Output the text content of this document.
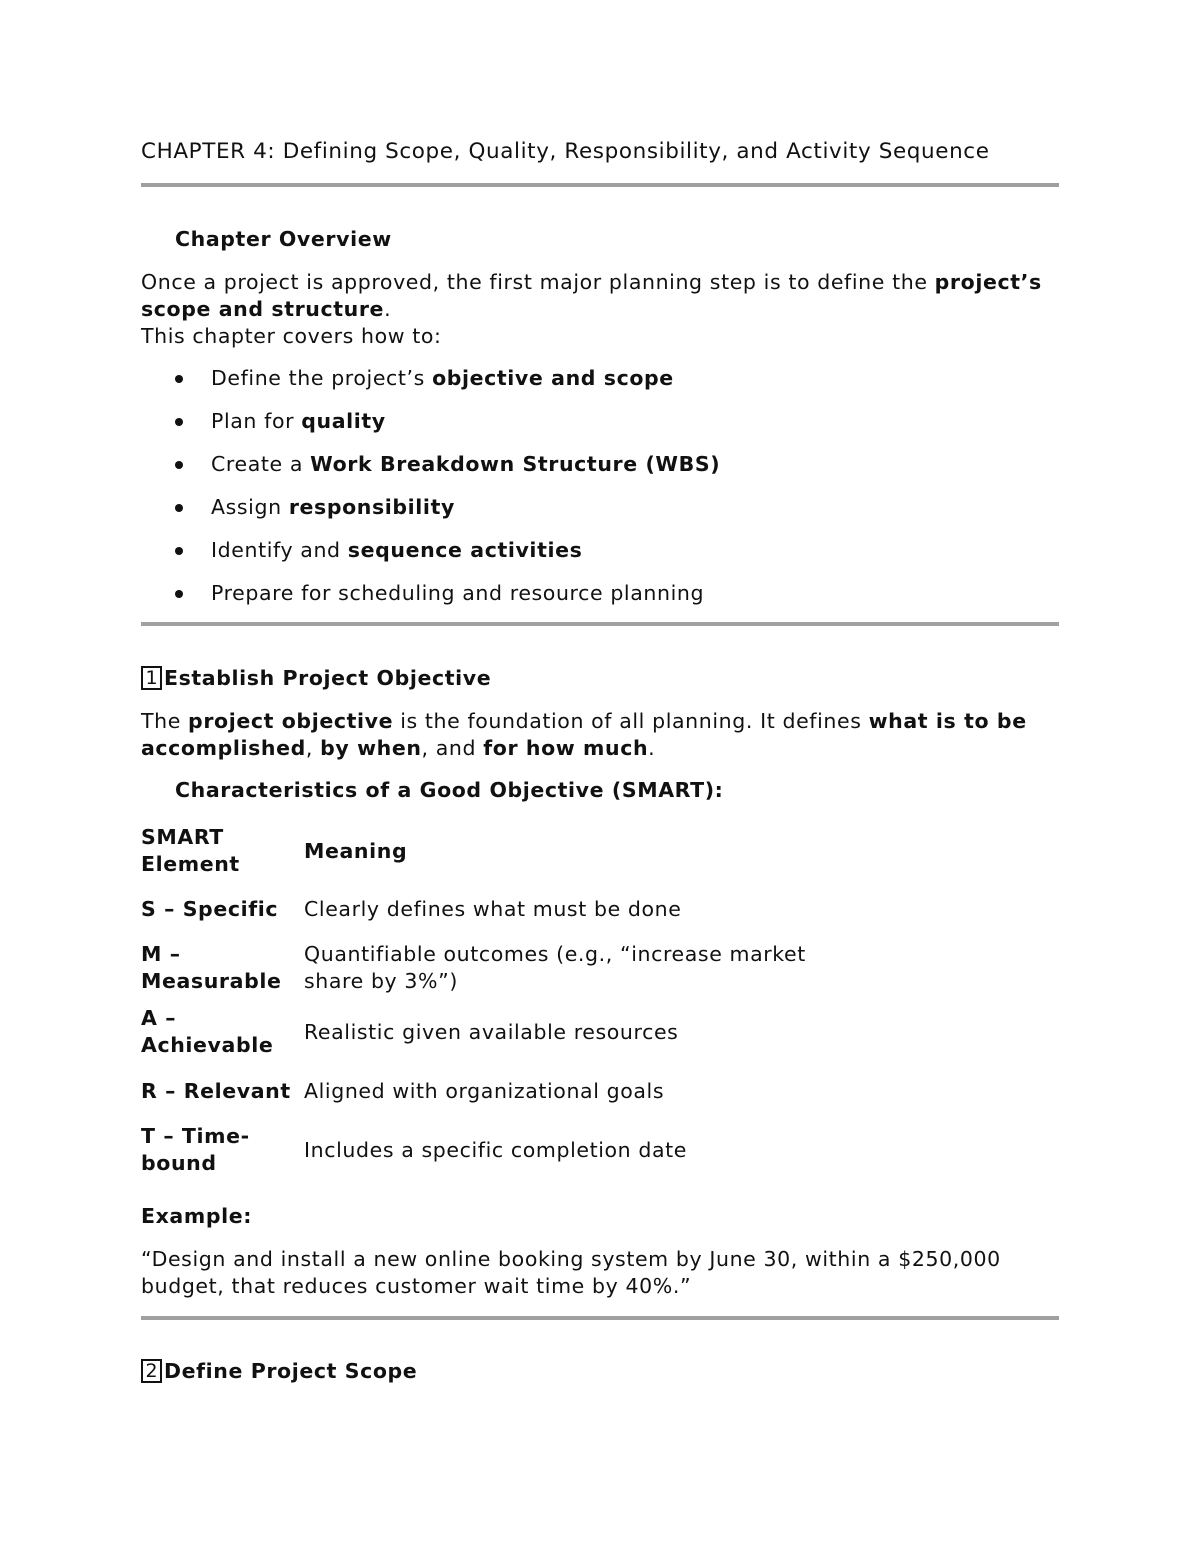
CHAPTER 4: Defining Scope, Quality, Responsibility, and Activity Sequence
Chapter Overview
Once a project is approved, the first major planning step is to define the project’s scope and structure.
This chapter covers how to:
Define the project’s objective and scope
Plan for quality
Create a Work Breakdown Structure (WBS)
Assign responsibility
Identify and sequence activities
Prepare for scheduling and resource planning
1 Establish Project Objective
The project objective is the foundation of all planning. It defines what is to be accomplished, by when, and for how much.
Characteristics of a Good Objective (SMART):
SMART Element	Meaning
S – Specific	Clearly defines what must be done
M – Measurable	Quantifiable outcomes (e.g., “increase market share by 3%”)
A – Achievable	Realistic given available resources
R – Relevant	Aligned with organizational goals
T – Time-bound	Includes a specific completion date
Example:
“Design and install a new online booking system by June 30, within a $250,000 budget, that reduces customer wait time by 40%.”
2 Define Project Scope
